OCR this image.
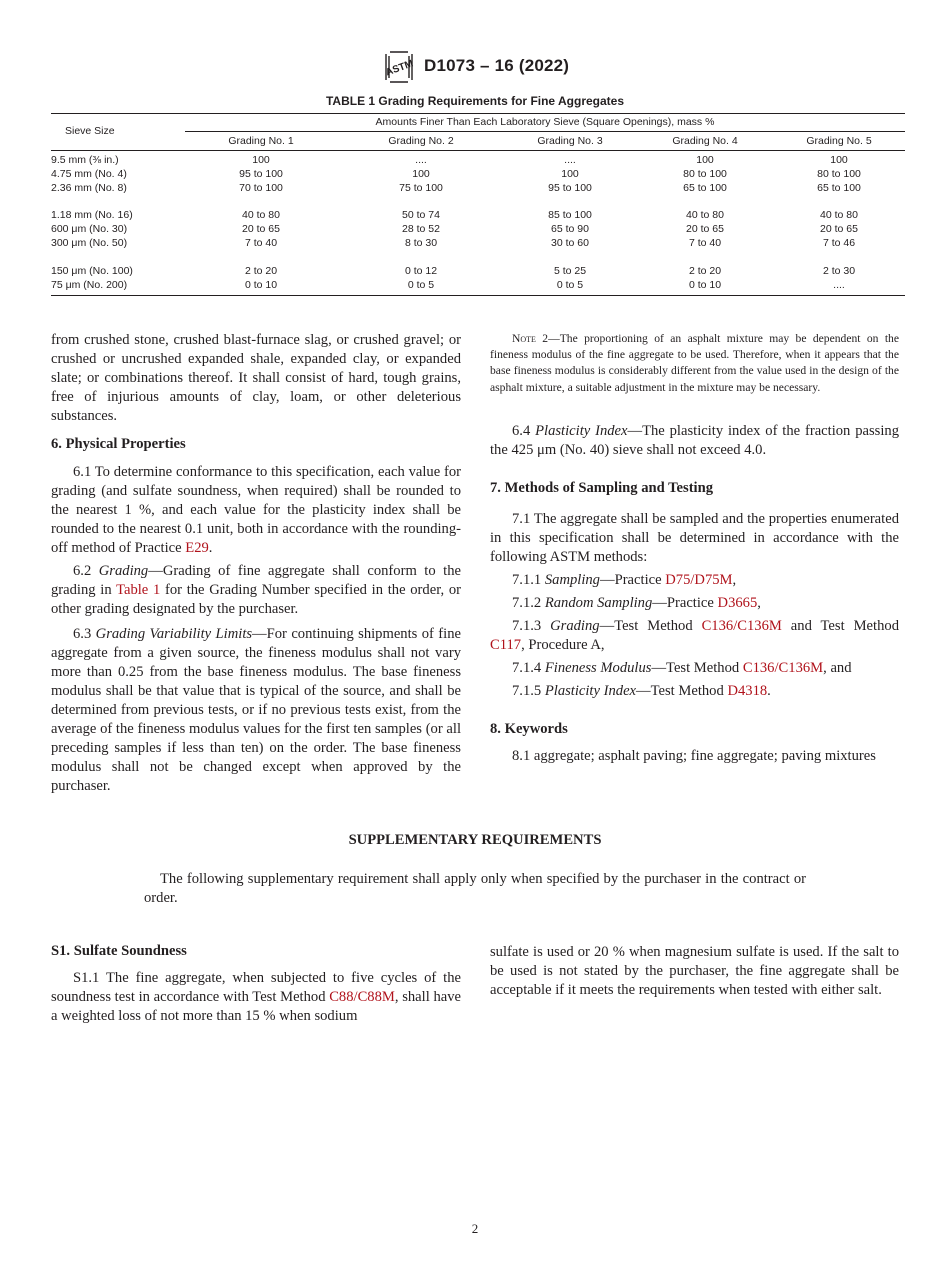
ASTM D1073 – 16 (2022)
TABLE 1 Grading Requirements for Fine Aggregates
Sieve Size
Amounts Finer Than Each Laboratory Sieve (Square Openings), mass %
Grading No. 1	Grading No. 2	Grading No. 3	Grading No. 4	Grading No. 5
9.5 mm (⅜ in.)	100	....	....	100	100
4.75 mm (No. 4)	95 to 100	100	100	80 to 100	80 to 100
2.36 mm (No. 8)	70 to 100	75 to 100	95 to 100	65 to 100	65 to 100
1.18 mm (No. 16)	40 to 80	50 to 74	85 to 100	40 to 80	40 to 80
600 μm (No. 30)	20 to 65	28 to 52	65 to 90	20 to 65	20 to 65
300 μm (No. 50)	7 to 40	8 to 30	30 to 60	7 to 40	7 to 46
150 μm (No. 100)	2 to 20	0 to 12	5 to 25	2 to 20	2 to 30
75 μm (No. 200)	0 to 10	0 to 5	0 to 5	0 to 10	....

from crushed stone, crushed blast-furnace slag, or crushed gravel; or crushed or uncrushed expanded shale, expanded clay, or expanded slate; or combinations thereof. It shall consist of hard, tough grains, free of injurious amounts of clay, loam, or other deleterious substances.

6. Physical Properties

6.1 To determine conformance to this specification, each value for grading (and sulfate soundness, when required) shall be rounded to the nearest 1 %, and each value for the plasticity index shall be rounded to the nearest 0.1 unit, both in accordance with the rounding-off method of Practice E29.

6.2 Grading—Grading of fine aggregate shall conform to the grading in Table 1 for the Grading Number specified in the order, or other grading designated by the purchaser.

6.3 Grading Variability Limits—For continuing shipments of fine aggregate from a given source, the fineness modulus shall not vary more than 0.25 from the base fineness modulus. The base fineness modulus shall be that value that is typical of the source, and shall be determined from previous tests, or if no previous tests exist, from the average of the fineness modulus values for the first ten samples (or all preceding samples if less than ten) on the order. The base fineness modulus shall not be changed except when approved by the purchaser.

Note 2—The proportioning of an asphalt mixture may be dependent on the fineness modulus of the fine aggregate to be used. Therefore, when it appears that the base fineness modulus is considerably different from the value used in the design of the asphalt mixture, a suitable adjustment in the mixture may be necessary.

6.4 Plasticity Index—The plasticity index of the fraction passing the 425 μm (No. 40) sieve shall not exceed 4.0.

7. Methods of Sampling and Testing

7.1 The aggregate shall be sampled and the properties enumerated in this specification shall be determined in accordance with the following ASTM methods:

7.1.1 Sampling—Practice D75/D75M,

7.1.2 Random Sampling—Practice D3665,

7.1.3 Grading—Test Method C136/C136M and Test Method C117, Procedure A,

7.1.4 Fineness Modulus—Test Method C136/C136M, and

7.1.5 Plasticity Index—Test Method D4318.

8. Keywords

8.1 aggregate; asphalt paving; fine aggregate; paving mixtures

SUPPLEMENTARY REQUIREMENTS

The following supplementary requirement shall apply only when specified by the purchaser in the contract or order.

S1. Sulfate Soundness

S1.1 The fine aggregate, when subjected to five cycles of the soundness test in accordance with Test Method C88/C88M, shall have a weighted loss of not more than 15 % when sodium

sulfate is used or 20 % when magnesium sulfate is used. If the salt to be used is not stated by the purchaser, the fine aggregate shall be acceptable if it meets the requirements when tested with either salt.

2
